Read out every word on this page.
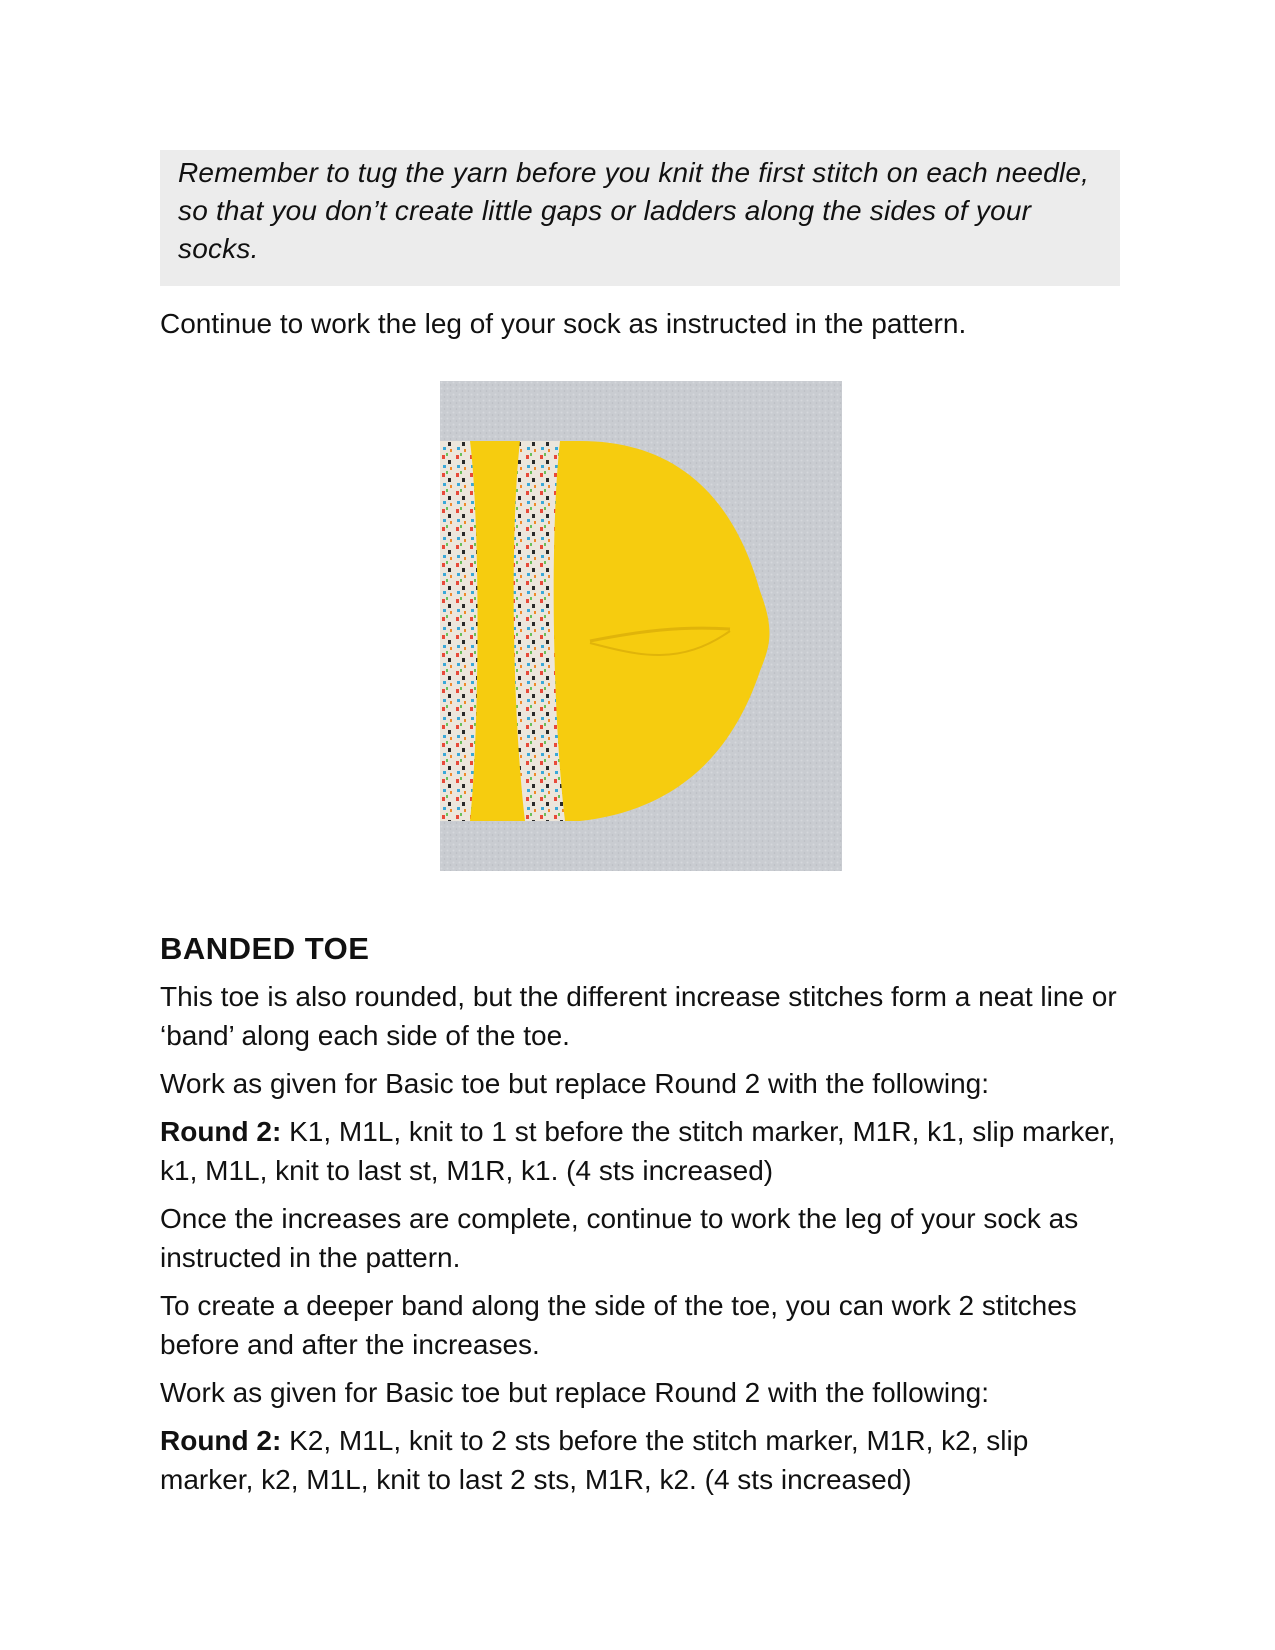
Remember to tug the yarn before you knit the first stitch on each needle, so that you don’t create little gaps or ladders along the sides of your socks.

Continue to work the leg of your sock as instructed in the pattern.

BANDED TOE

This toe is also rounded, but the different increase stitches form a neat line or ‘band’ along each side of the toe.

Work as given for Basic toe but replace Round 2 with the following:

Round 2: K1, M1L, knit to 1 st before the stitch marker, M1R, k1, slip marker, k1, M1L, knit to last st, M1R, k1. (4 sts increased)

Once the increases are complete, continue to work the leg of your sock as instructed in the pattern.

To create a deeper band along the side of the toe, you can work 2 stitches before and after the increases.

Work as given for Basic toe but replace Round 2 with the following:

Round 2: K2, M1L, knit to 2 sts before the stitch marker, M1R, k2, slip marker, k2, M1L, knit to last 2 sts, M1R, k2. (4 sts increased)
